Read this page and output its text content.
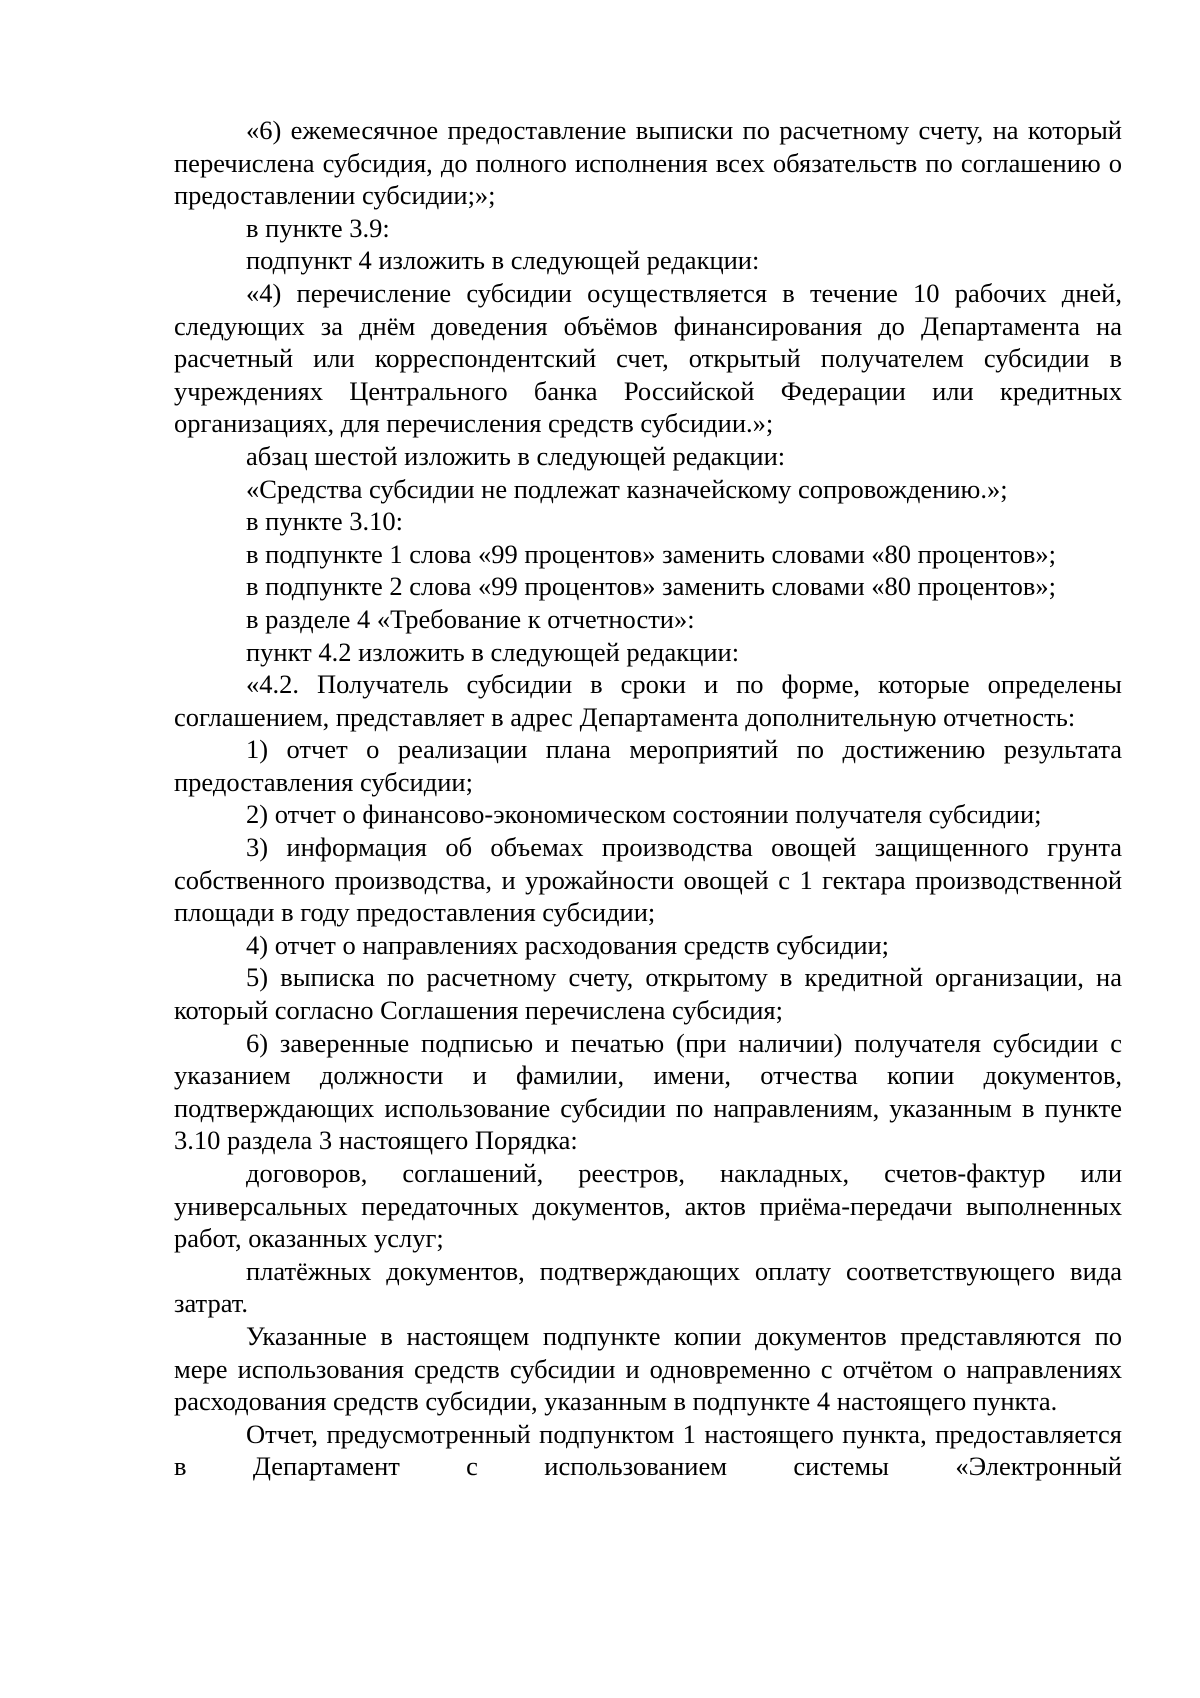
«6) ежемесячное предоставление выписки по расчетному счету, на который перечислена субсидия, до полного исполнения всех обязательств по соглашению о предоставлении субсидии;»;

в пункте 3.9:

подпункт 4 изложить в следующей редакции:

«4) перечисление субсидии осуществляется в течение 10 рабочих дней, следующих за днём доведения объёмов финансирования до Департамента на расчетный или корреспондентский счет, открытый получателем субсидии в учреждениях Центрального банка Российской Федерации или кредитных организациях, для перечисления средств субсидии.»;

абзац шестой изложить в следующей редакции:

«Средства субсидии не подлежат казначейскому сопровождению.»;

в пункте 3.10:

в подпункте 1 слова «99 процентов» заменить словами «80 процентов»;

в подпункте 2 слова «99 процентов» заменить словами «80 процентов»;

в разделе 4 «Требование к отчетности»:

пункт 4.2 изложить в следующей редакции:

«4.2. Получатель субсидии в сроки и по форме, которые определены соглашением, представляет в адрес Департамента дополнительную отчетность:

1) отчет о реализации плана мероприятий по достижению результата предоставления субсидии;

2) отчет о финансово-экономическом состоянии получателя субсидии;

3) информация об объемах производства овощей защищенного грунта собственного производства, и урожайности овощей с 1 гектара производственной площади в году предоставления субсидии;

4) отчет о направлениях расходования средств субсидии;

5) выписка по расчетному счету, открытому в кредитной организации, на который согласно Соглашения перечислена субсидия;

6) заверенные подписью и печатью (при наличии) получателя субсидии с указанием должности и фамилии, имени, отчества копии документов, подтверждающих использование субсидии по направлениям, указанным в пункте 3.10 раздела 3 настоящего Порядка:

договоров, соглашений, реестров, накладных, счетов-фактур или универсальных передаточных документов, актов приёма-передачи выполненных работ, оказанных услуг;

платёжных документов, подтверждающих оплату соответствующего вида затрат.

Указанные в настоящем подпункте копии документов представляются по мере использования средств субсидии и одновременно с отчётом о направлениях расходования средств субсидии, указанным в подпункте 4 настоящего пункта.

Отчет, предусмотренный подпунктом 1 настоящего пункта, предоставляется в Департамент с использованием системы «Электронный
